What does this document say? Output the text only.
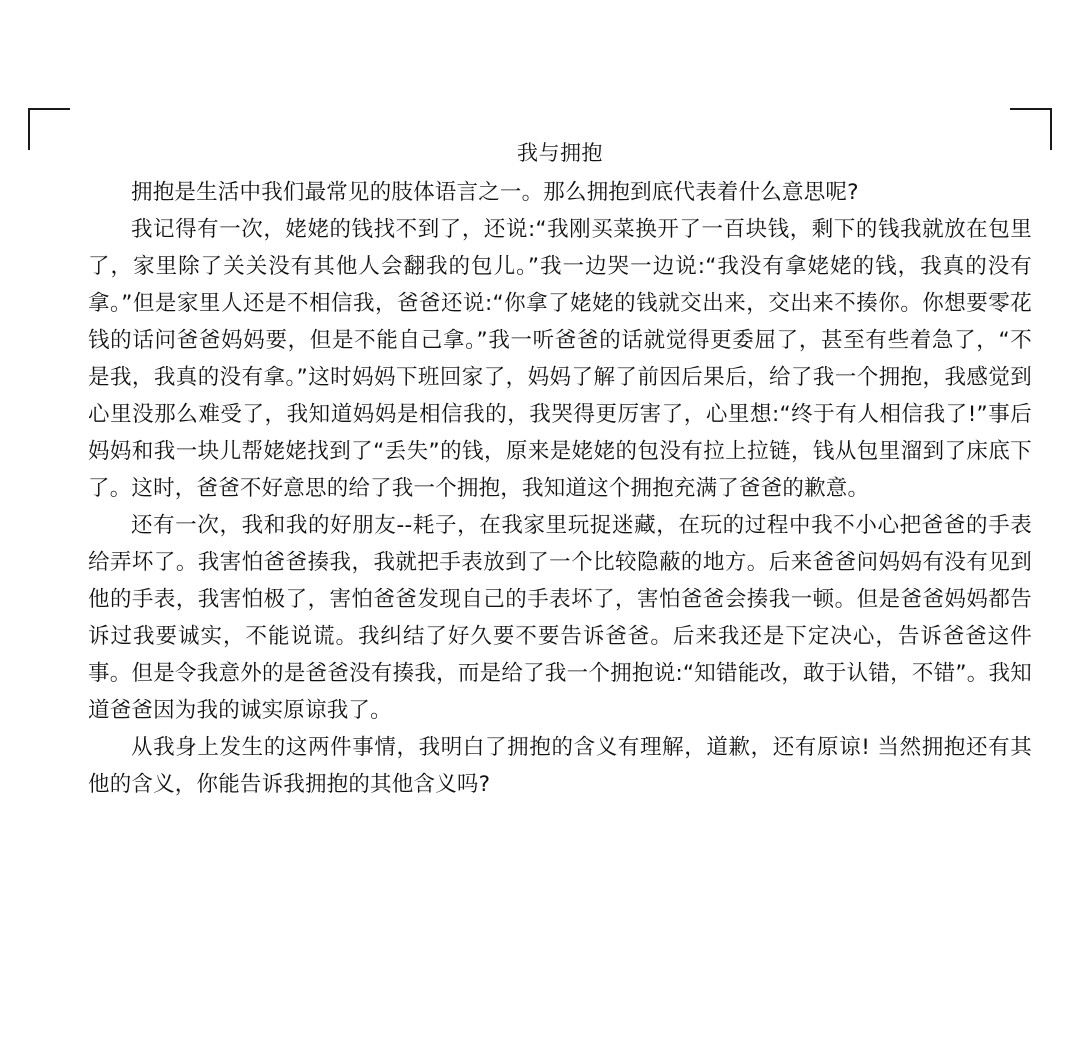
我与拥抱

拥抱是生活中我们最常见的肢体语言之一。那么拥抱到底代表着什么意思呢?

我记得有一次，姥姥的钱找不到了，还说:“我刚买菜换开了一百块钱，剩下的钱我就放在包里了，家里除了关关没有其他人会翻我的包儿。”我一边哭一边说:“我没有拿姥姥的钱，我真的没有拿。”但是家里人还是不相信我，爸爸还说:“你拿了姥姥的钱就交出来，交出来不揍你。你想要零花钱的话问爸爸妈妈要，但是不能自己拿。”我一听爸爸的话就觉得更委屈了，甚至有些着急了，“不是我，我真的没有拿。”这时妈妈下班回家了，妈妈了解了前因后果后，给了我一个拥抱，我感觉到心里没那么难受了，我知道妈妈是相信我的，我哭得更厉害了，心里想:“终于有人相信我了!”事后妈妈和我一块儿帮姥姥找到了“丢失”的钱，原来是姥姥的包没有拉上拉链，钱从包里溜到了床底下了。这时，爸爸不好意思的给了我一个拥抱，我知道这个拥抱充满了爸爸的歉意。

还有一次，我和我的好朋友--耗子，在我家里玩捉迷藏，在玩的过程中我不小心把爸爸的手表给弄坏了。我害怕爸爸揍我，我就把手表放到了一个比较隐蔽的地方。后来爸爸问妈妈有没有见到他的手表，我害怕极了，害怕爸爸发现自己的手表坏了，害怕爸爸会揍我一顿。但是爸爸妈妈都告诉过我要诚实，不能说谎。我纠结了好久要不要告诉爸爸。后来我还是下定决心，告诉爸爸这件事。但是令我意外的是爸爸没有揍我，而是给了我一个拥抱说:“知错能改，敢于认错，不错”。我知道爸爸因为我的诚实原谅我了。

从我身上发生的这两件事情，我明白了拥抱的含义有理解，道歉，还有原谅! 当然拥抱还有其他的含义，你能告诉我拥抱的其他含义吗?
